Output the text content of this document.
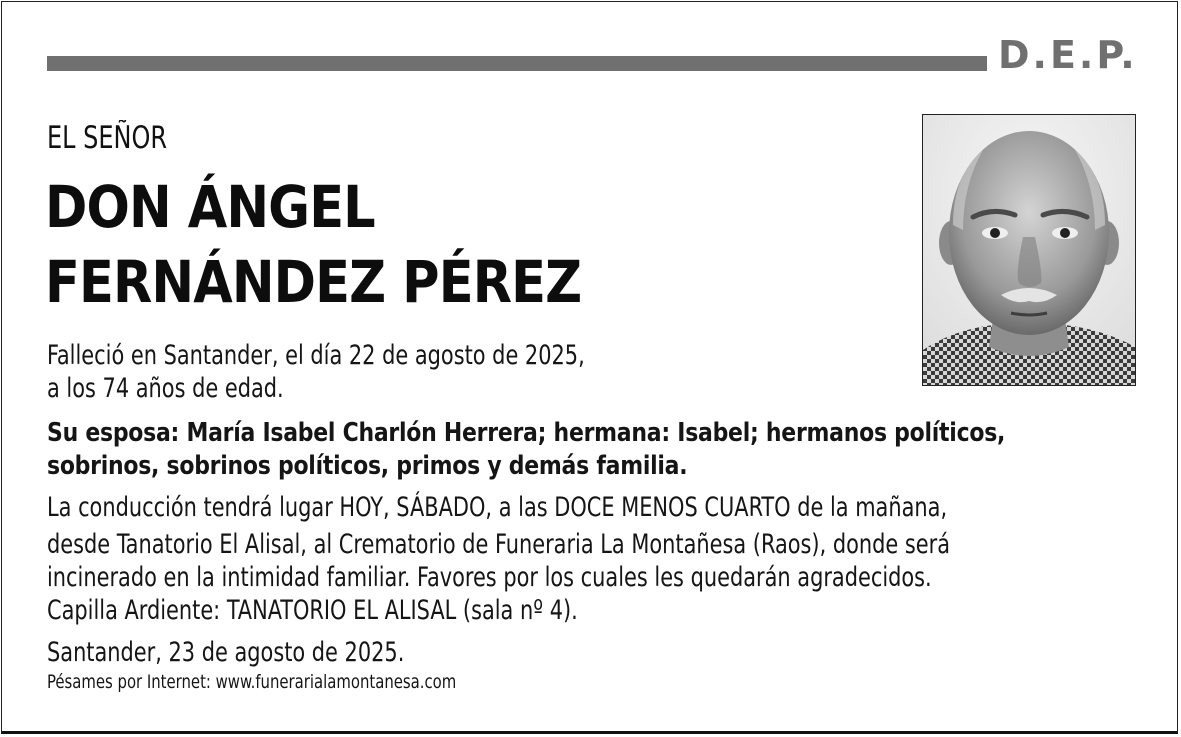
D.E.P.
EL SEÑOR
DON ÁNGEL
FERNÁNDEZ PÉREZ
Falleció en Santander, el día 22 de agosto de 2025,
a los 74 años de edad.
Su esposa: María Isabel Charlón Herrera; hermana: Isabel; hermanos políticos,
sobrinos, sobrinos políticos, primos y demás familia.
La conducción tendrá lugar HOY, SÁBADO, a las DOCE MENOS CUARTO de la mañana,
desde Tanatorio El Alisal, al Crematorio de Funeraria La Montañesa (Raos), donde será
incinerado en la intimidad familiar. Favores por los cuales les quedarán agradecidos.
Capilla Ardiente: TANATORIO EL ALISAL (sala nº 4).
Santander, 23 de agosto de 2025.
Pésames por Internet: www.funerarialamontanesa.com
